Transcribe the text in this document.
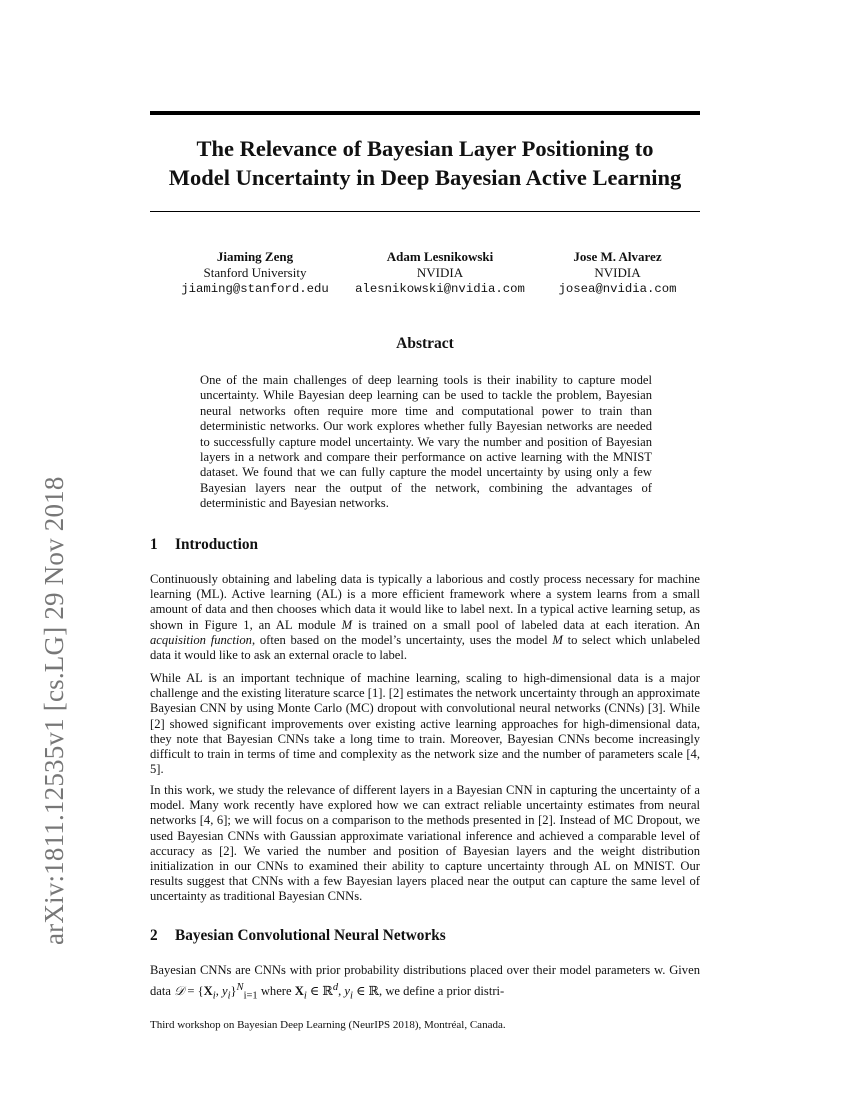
arXiv:1811.12535v1 [cs.LG] 29 Nov 2018
The Relevance of Bayesian Layer Positioning to
Model Uncertainty in Deep Bayesian Active Learning
Jiaming Zeng
Stanford University
jiaming@stanford.edu
Adam Lesnikowski
NVIDIA
alesnikowski@nvidia.com
Jose M. Alvarez
NVIDIA
josea@nvidia.com
Abstract

One of the main challenges of deep learning tools is their inability to capture model uncertainty. While Bayesian deep learning can be used to tackle the problem, Bayesian neural networks often require more time and computational power to train than deterministic networks. Our work explores whether fully Bayesian networks are needed to successfully capture model uncertainty. We vary the number and position of Bayesian layers in a network and compare their performance on active learning with the MNIST dataset. We found that we can fully capture the model uncertainty by using only a few Bayesian layers near the output of the network, combining the advantages of deterministic and Bayesian networks.

1 Introduction

Continuously obtaining and labeling data is typically a laborious and costly process necessary for machine learning (ML). Active learning (AL) is a more efficient framework where a system learns from a small amount of data and then chooses which data it would like to label next. In a typical active learning setup, as shown in Figure 1, an AL module M is trained on a small pool of labeled data at each iteration. An acquisition function, often based on the model’s uncertainty, uses the model M to select which unlabeled data it would like to ask an external oracle to label.

While AL is an important technique of machine learning, scaling to high-dimensional data is a major challenge and the existing literature scarce [1]. [2] estimates the network uncertainty through an approximate Bayesian CNN by using Monte Carlo (MC) dropout with convolutional neural networks (CNNs) [3]. While [2] showed significant improvements over existing active learning approaches for high-dimensional data, they note that Bayesian CNNs take a long time to train. Moreover, Bayesian CNNs become increasingly difficult to train in terms of time and complexity as the network size and the number of parameters scale [4, 5].

In this work, we study the relevance of different layers in a Bayesian CNN in capturing the uncertainty of a model. Many work recently have explored how we can extract reliable uncertainty estimates from neural networks [4, 6]; we will focus on a comparison to the methods presented in [2]. Instead of MC Dropout, we used Bayesian CNNs with Gaussian approximate variational inference and achieved a comparable level of accuracy as [2]. We varied the number and position of Bayesian layers and the weight distribution initialization in our CNNs to examined their ability to capture uncertainty through AL on MNIST. Our results suggest that CNNs with a few Bayesian layers placed near the output can capture the same level of uncertainty as traditional Bayesian CNNs.

2 Bayesian Convolutional Neural Networks

Bayesian CNNs are CNNs with prior probability distributions placed over their model parameters w. Given data 𝒟 = {$X_i$, $y_i\}^N_{i=1}$ where $X_i$ ∈ ℝ$^d$, $y_i$ ∈ ℝ, we define a prior distri-

Third workshop on Bayesian Deep Learning (NeurIPS 2018), Montréal, Canada.
